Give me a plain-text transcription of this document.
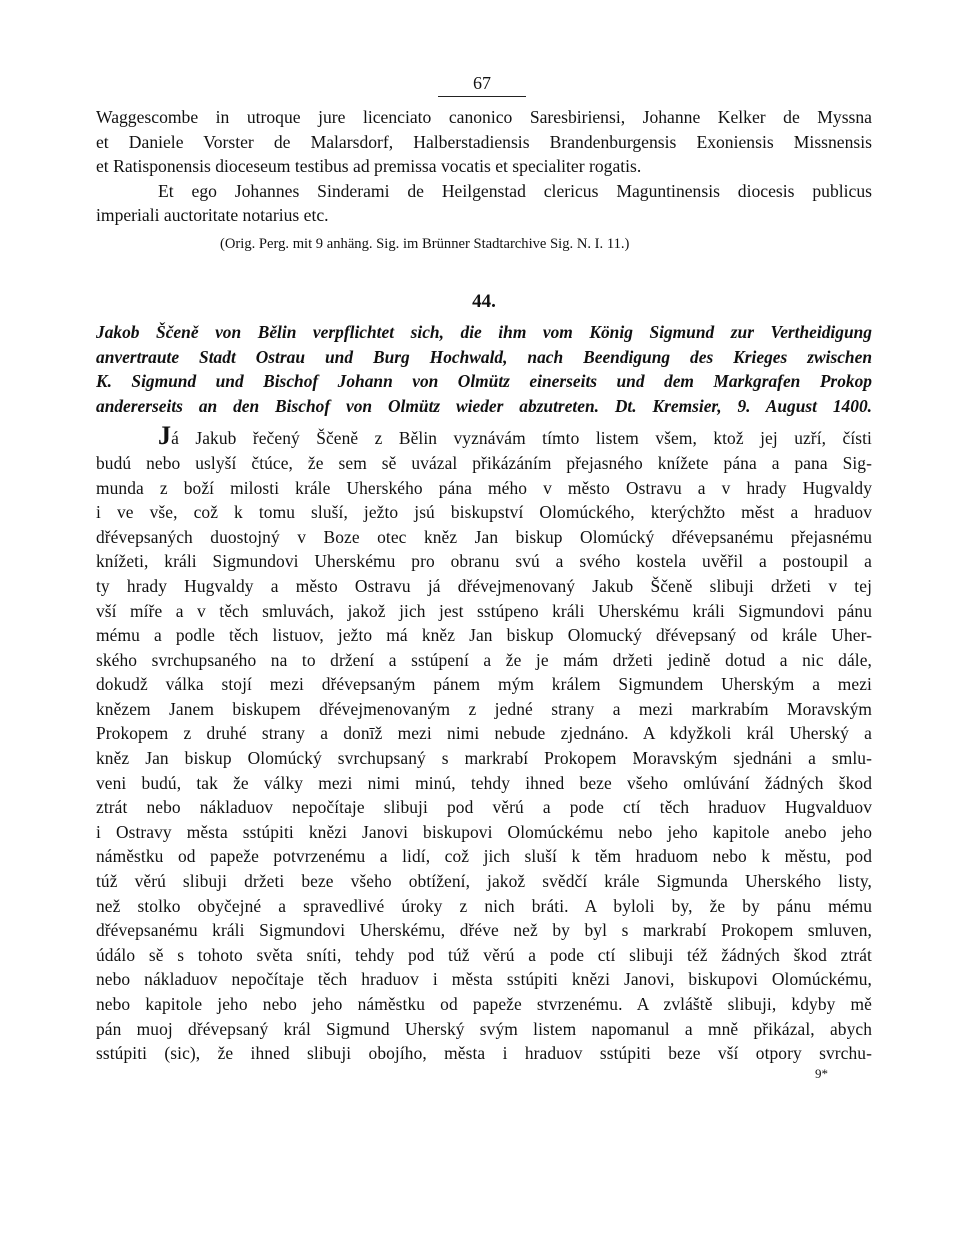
67
Waggescombe in utroque jure licenciato canonico Saresbiriensi, Johanne Kelker de Myssna
et Daniele Vorster de Malarsdorf, Halberstadiensis Brandenburgensis Exoniensis Missnensis
et Ratisponensis dioceseum testibus ad premissa vocatis et specialiter rogatis.
Et ego Johannes Sinderami de Heilgenstad clericus Maguntinensis diocesis publicus
imperiali auctoritate notarius etc.
(Orig. Perg. mit 9 anhäng. Sig. im Brünner Stadtarchive Sig. N. I. 11.)
44.
Jakob Ščeně von Bělin verpflichtet sich, die ihm vom König Sigmund zur Vertheidigung
anvertraute Stadt Ostrau und Burg Hochwald, nach Beendigung des Krieges zwischen
K. Sigmund und Bischof Johann von Olmütz einerseits und dem Markgrafen Prokop
andererseits an den Bischof von Olmütz wieder abzutreten. Dt. Kremsier, 9. August 1400.
Já Jakub řečený Ščeně z Bělin vyznávám tímto listem všem, ktož jej uzří, čísti
budú nebo uslyší čtúce, že sem sě uvázal přikázáním přejasného knížete pána a pana Sig-
munda z boží milosti krále Uherského pána mého v město Ostravu a v hrady Hugvaldy
i ve vše, což k tomu sluší, ježto jsú biskupství Olomúckého, kterýchžto měst a hraduov
dřévepsaných duostojný v Boze otec kněz Jan biskup Olomúcký dřévepsanému přejasnému
knížeti, králi Sigmundovi Uherskému pro obranu svú a svého kostela uvěřil a postoupil a
ty hrady Hugvaldy a město Ostravu já dřévejmenovaný Jakub Ščeně slibuji držeti v tej
vší míře a v těch smluvách, jakož jich jest sstúpeno králi Uherskému králi Sigmundovi pánu
mému a podle těch listuov, ježto má kněz Jan biskup Olomucký dřévepsaný od krále Uher-
ského svrchupsaného na to držení a sstúpení a že je mám držeti jedině dotud a nic dále,
dokudž válka stojí mezi dřévepsaným pánem mým králem Sigmundem Uherským a mezi
knězem Janem biskupem dřévejmenovaným z jedné strany a mezi markrabím Moravským
Prokopem z druhé strany a donīž mezi nimi nebude zjednáno. A kdyžkoli král Uherský a
kněz Jan biskup Olomúcký svrchupsaný s markrabí Prokopem Moravským sjednáni a smlu-
veni budú, tak že války mezi nimi minú, tehdy ihned beze všeho omlúvání žádných škod
ztrát nebo nákladuov nepočítaje slibuji pod věrú a pode ctí těch hraduov Hugvalduov
i Ostravy města sstúpiti knězi Janovi biskupovi Olomúckému nebo jeho kapitole anebo jeho
náměstku od papeže potvrzenému a lidí, což jich sluší k těm hraduom nebo k městu, pod
túž věrú slibuji držeti beze všeho obtížení, jakož svědčí krále Sigmunda Uherského listy,
než stolko obyčejné a spravedlivé úroky z nich bráti. A byloli by, že by pánu mému
dřévepsanému králi Sigmundovi Uherskému, dřéve než by byl s markrabí Prokopem smluven,
údálo sě s tohoto světa sníti, tehdy pod túž věrú a pode ctí slibuji též žádných škod ztrát
nebo nákladuov nepočítaje těch hraduov i města sstúpiti knězi Janovi, biskupovi Olomúckému,
nebo kapitole jeho nebo jeho náměstku od papeže stvrzenému. A zvláště slibuji, kdyby mě
pán muoj dřévepsaný král Sigmund Uherský svým listem napomanul a mně přikázal, abych
sstúpiti (sic), že ihned slibuji obojího, města i hraduov sstúpiti beze vší otpory svrchu-
9*
